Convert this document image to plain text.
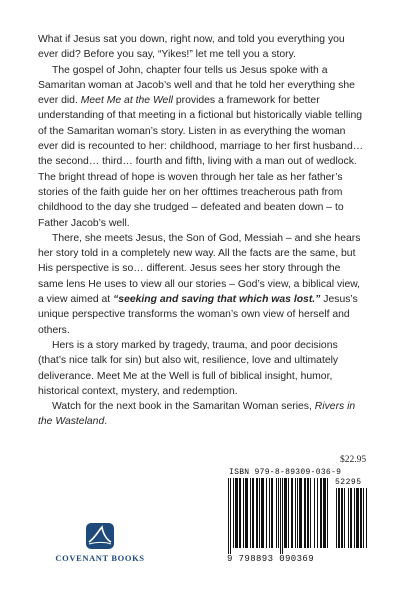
What if Jesus sat you down, right now, and told you everything you ever did? Before you say, “Yikes!” let me tell you a story.

The gospel of John, chapter four tells us Jesus spoke with a Samaritan woman at Jacob’s well and that he told her everything she ever did. Meet Me at the Well provides a framework for better understanding of that meeting in a fictional but historically viable telling of the Samaritan woman’s story. Listen in as everything the woman ever did is recounted to her: childhood, marriage to her first husband… the second… third… fourth and fifth, living with a man out of wedlock. The bright thread of hope is woven through her tale as her father’s stories of the faith guide her on her ofttimes treacherous path from childhood to the day she trudged – defeated and beaten down – to Father Jacob’s well.

There, she meets Jesus, the Son of God, Messiah – and she hears her story told in a completely new way. All the facts are the same, but His perspective is so… different. Jesus sees her story through the same lens He uses to view all our stories – God’s view, a biblical view, a view aimed at “seeking and saving that which was lost.” Jesus’s unique perspective transforms the woman’s own view of herself and others.

Hers is a story marked by tragedy, trauma, and poor decisions (that’s nice talk for sin) but also wit, resilience, love and ultimately deliverance. Meet Me at the Well is full of biblical insight, humor, historical context, mystery, and redemption.

Watch for the next book in the Samaritan Woman series, Rivers in the Wasteland.

$22.95
ISBN 979-8-89309-036-9
52295
9 798893 090369
COVENANT BOOKS
